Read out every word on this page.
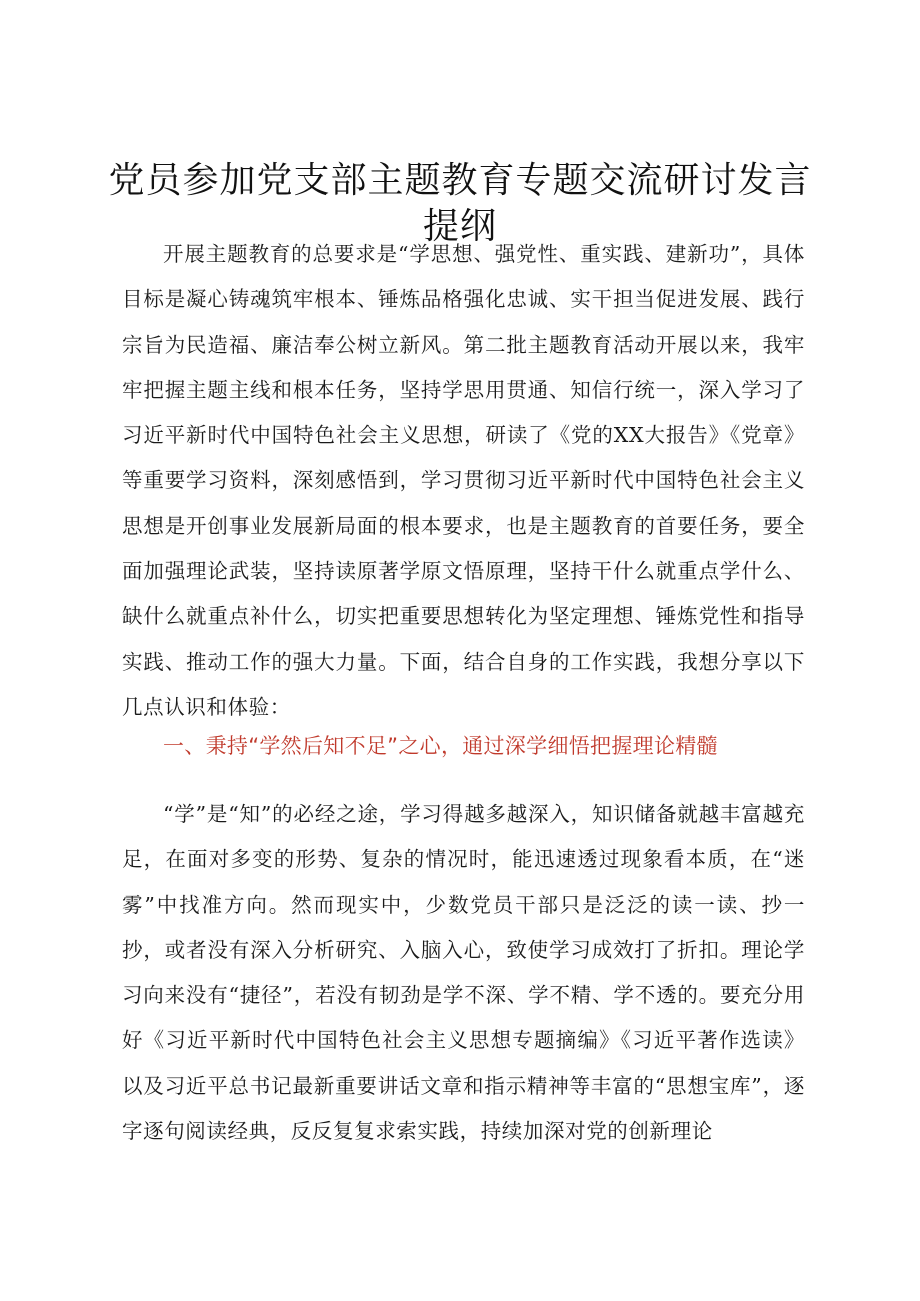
党员参加党支部主题教育专题交流研讨发言提纲

开展主题教育的总要求是“学思想、强党性、重实践、建新功”，具体目标是凝心铸魂筑牢根本、锤炼品格强化忠诚、实干担当促进发展、践行宗旨为民造福、廉洁奉公树立新风。第二批主题教育活动开展以来，我牢牢把握主题主线和根本任务，坚持学思用贯通、知信行统一，深入学习了习近平新时代中国特色社会主义思想，研读了《党的XX大报告》《党章》等重要学习资料，深刻感悟到，学习贯彻习近平新时代中国特色社会主义思想是开创事业发展新局面的根本要求，也是主题教育的首要任务，要全面加强理论武装，坚持读原著学原文悟原理，坚持干什么就重点学什么、缺什么就重点补什么，切实把重要思想转化为坚定理想、锤炼党性和指导实践、推动工作的强大力量。下面，结合自身的工作实践，我想分享以下几点认识和体验：

一、秉持“学然后知不足”之心，通过深学细悟把握理论精髓

“学”是“知”的必经之途，学习得越多越深入，知识储备就越丰富越充足，在面对多变的形势、复杂的情况时，能迅速透过现象看本质，在“迷雾”中找准方向。然而现实中，少数党员干部只是泛泛的读一读、抄一抄，或者没有深入分析研究、入脑入心，致使学习成效打了折扣。理论学习向来没有“捷径”，若没有韧劲是学不深、学不精、学不透的。要充分用好《习近平新时代中国特色社会主义思想专题摘编》《习近平著作选读》以及习近平总书记最新重要讲话文章和指示精神等丰富的“思想宝库”，逐字逐句阅读经典，反反复复求索实践，持续加深对党的创新理论
